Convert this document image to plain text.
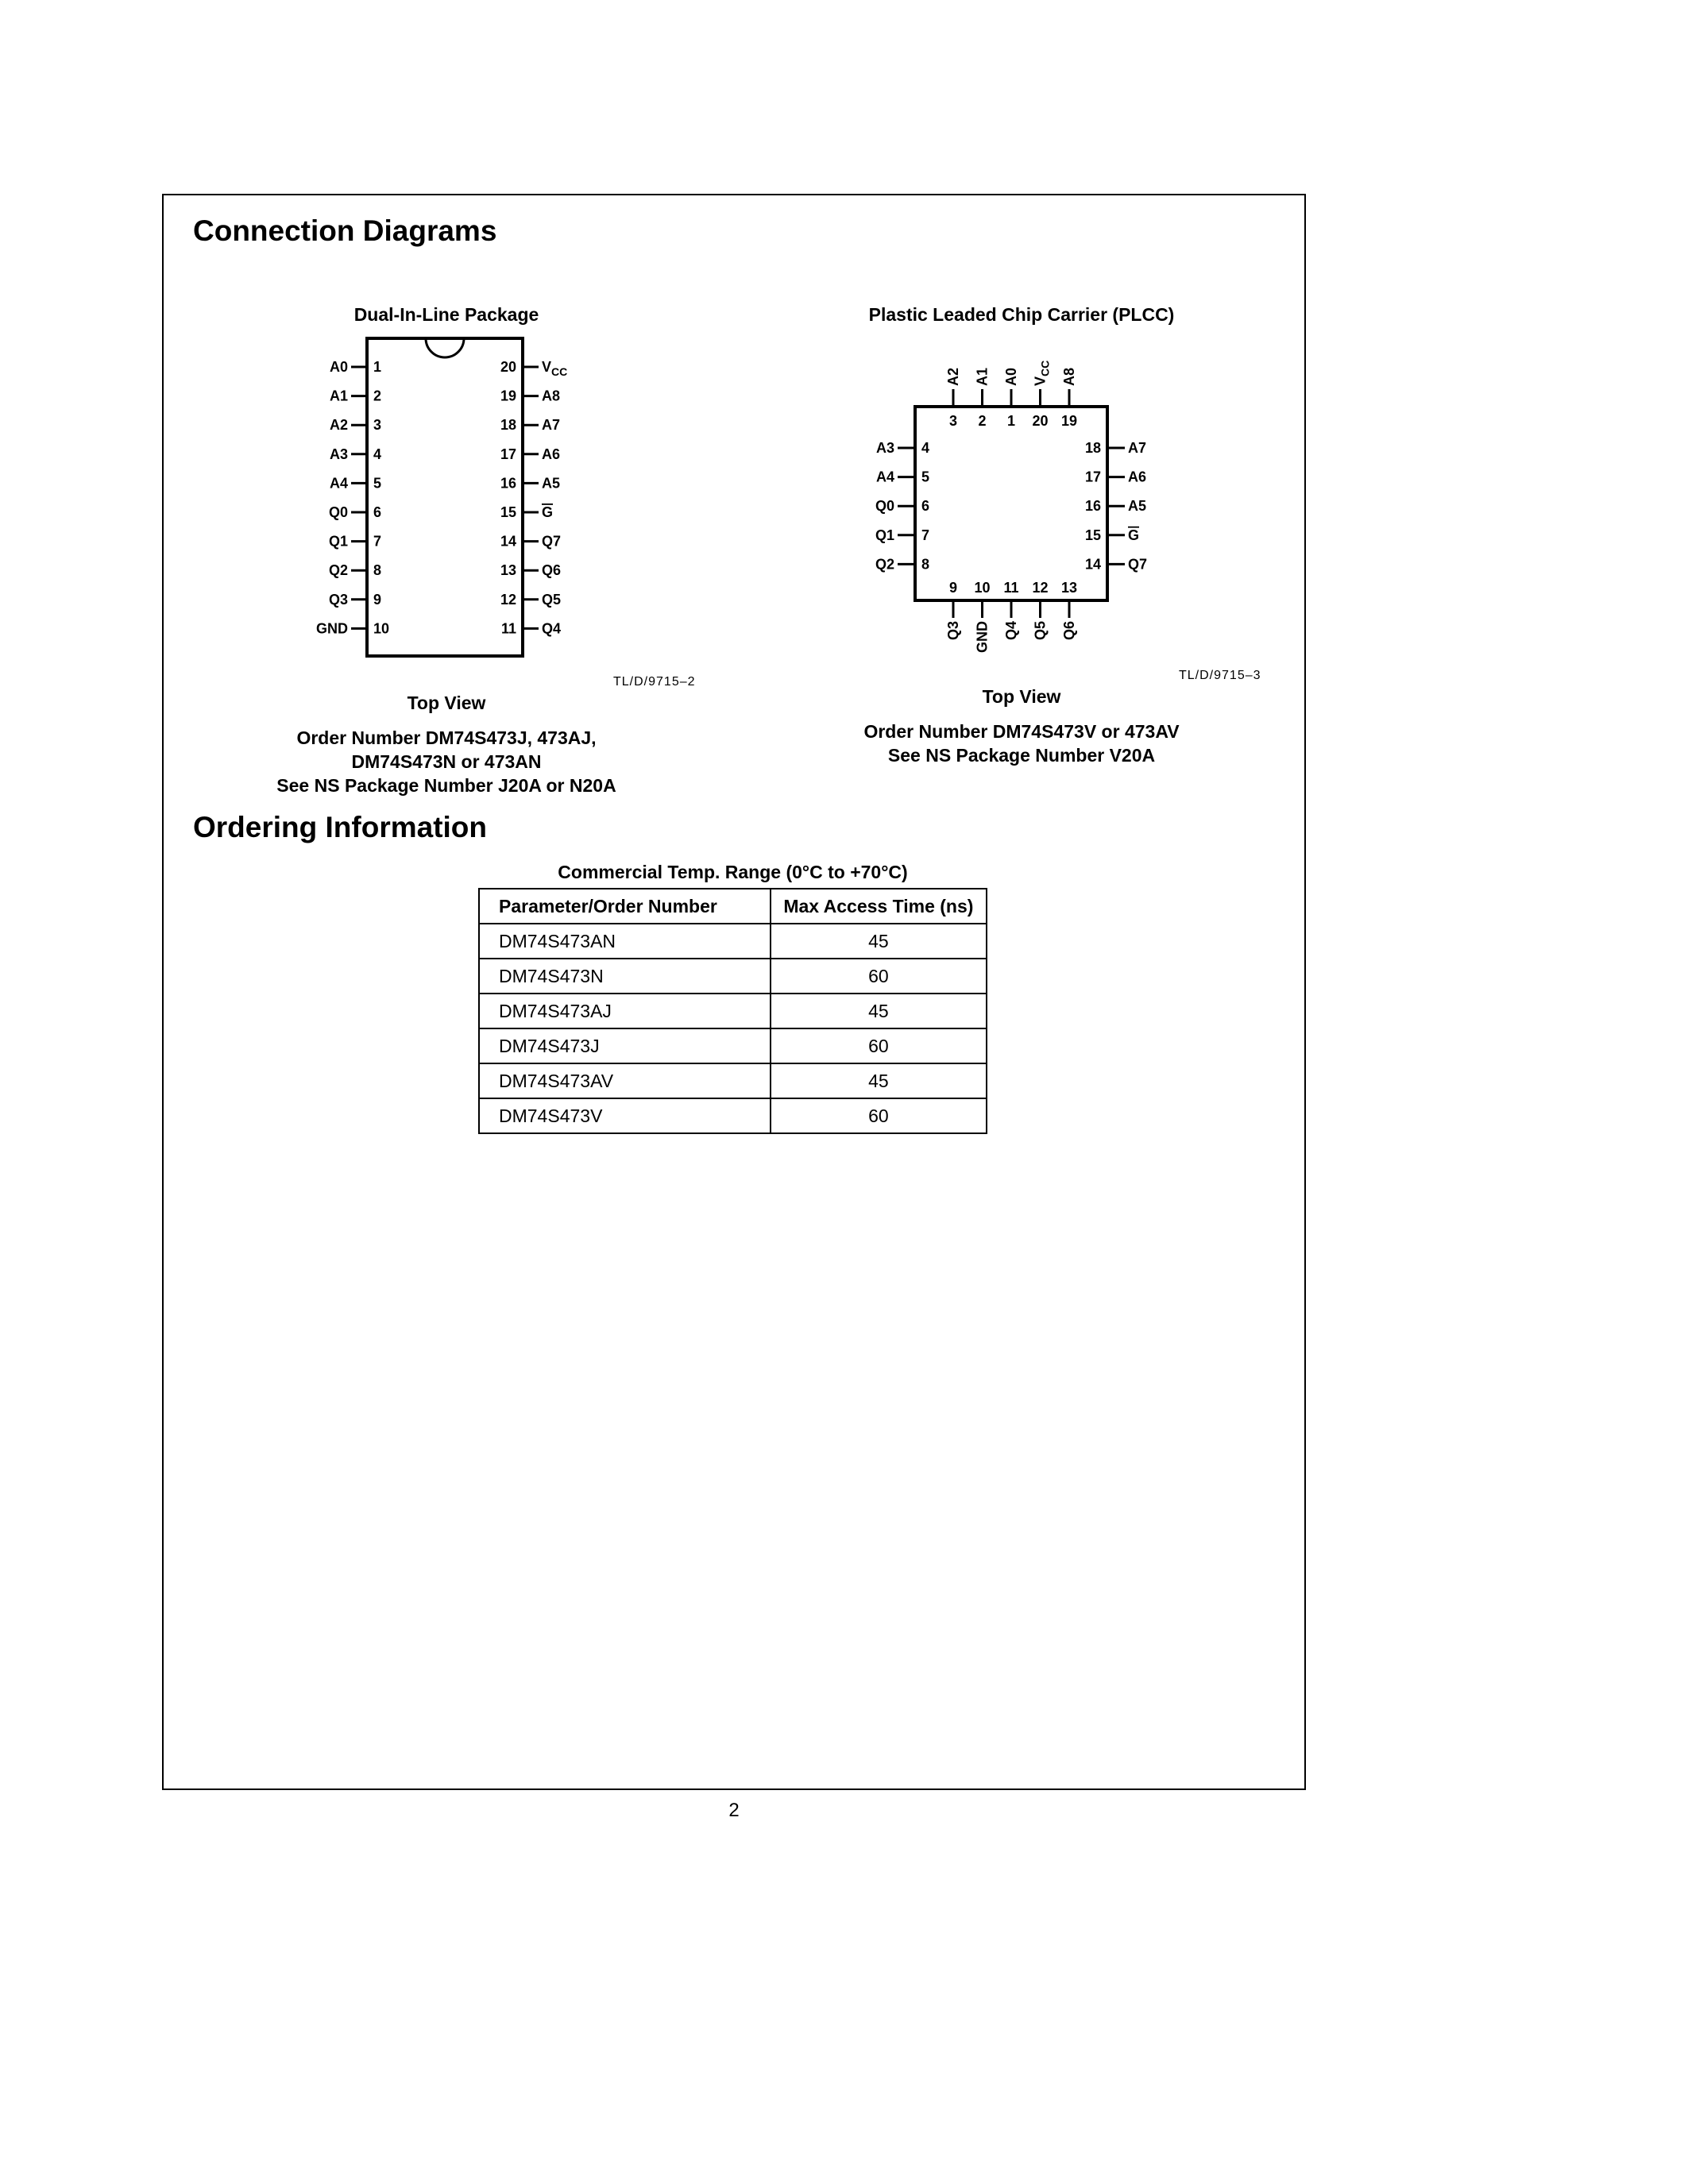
Connection Diagrams
Dual-In-Line Package
A0 1
A1 2
A2 3
A3 4
A4 5
Q0 6
Q1 7
Q2 8
Q3 9
GND 10
$V_{CC}$
20
A8
19
A7
18
A6
17
A5
16
G
15
Q7
14
Q6
13
Q5
12
Q4
11
TL/D/9715–2
Top View
Order Number DM74S473J, 473AJ,
DM74S473N or 473AN
See NS Package Number J20A or N20A
Plastic Leaded Chip Carrier (PLCC)
A2
3
A1
2
A0
1
$V_{CC}$
20
A8
19
Q3
9
GND
10
Q4
11
Q5
12
Q6
13
A3 4
A4 5
Q0 6
Q1 7
Q2 8
A7
18
A6
17
A5
16
G
15
Q7
14
TL/D/9715–3
Top View
Order Number DM74S473V or 473AV
See NS Package Number V20A
Ordering Information
Commercial Temp. Range (0°C to +70°C)
Parameter/Order Number	Max Access Time (ns)
DM74S473AN	45
DM74S473N	60
DM74S473AJ	45
DM74S473J	60
DM74S473AV	45
DM74S473V	60
2
